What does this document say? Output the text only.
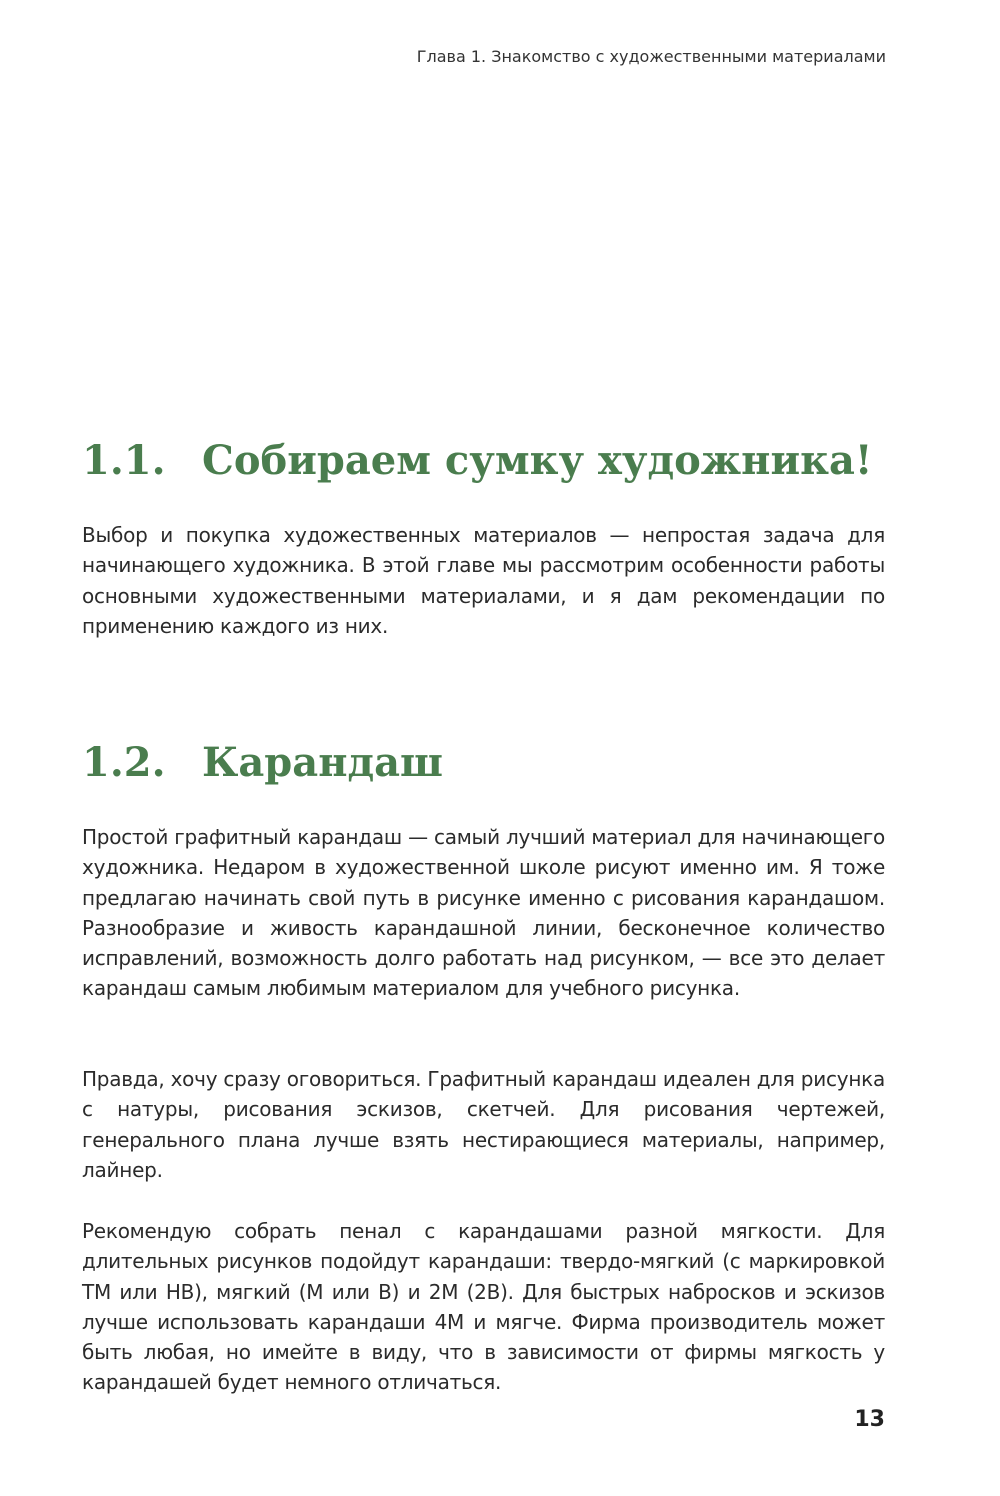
Глава 1. Знакомство с художественными материалами
1.1. Собираем сумку художника!

Выбор и покупка художественных материалов — непростая задача для начинающего художника. В этой главе мы рассмотрим особенности работы основными художественными материалами, и я дам рекомендации по применению каждого из них.

1.2. Карандаш

Простой графитный карандаш — самый лучший материал для начинающего художника. Недаром в художественной школе рисуют именно им. Я тоже предлагаю начинать свой путь в рисунке именно с рисования карандашом. Разнообразие и живость карандашной линии, бесконечное количество исправлений, возможность долго работать над рисунком, — все это делает карандаш самым любимым материалом для учебного рисунка.

Правда, хочу сразу оговориться. Графитный карандаш идеален для рисунка с натуры, рисования эскизов, скетчей. Для рисования чертежей, генерального плана лучше взять нестирающиеся материалы, например, лайнер.

Рекомендую собрать пенал с карандашами разной мягкости. Для длительных рисунков подойдут карандаши: твердо-мягкий (с маркировкой ТМ или НВ), мягкий (М или В) и 2М (2В). Для быстрых набросков и эскизов лучше использовать карандаши 4М и мягче. Фирма производитель может быть любая, но имейте в виду, что в зависимости от фирмы мягкость у карандашей будет немного отличаться.

13
